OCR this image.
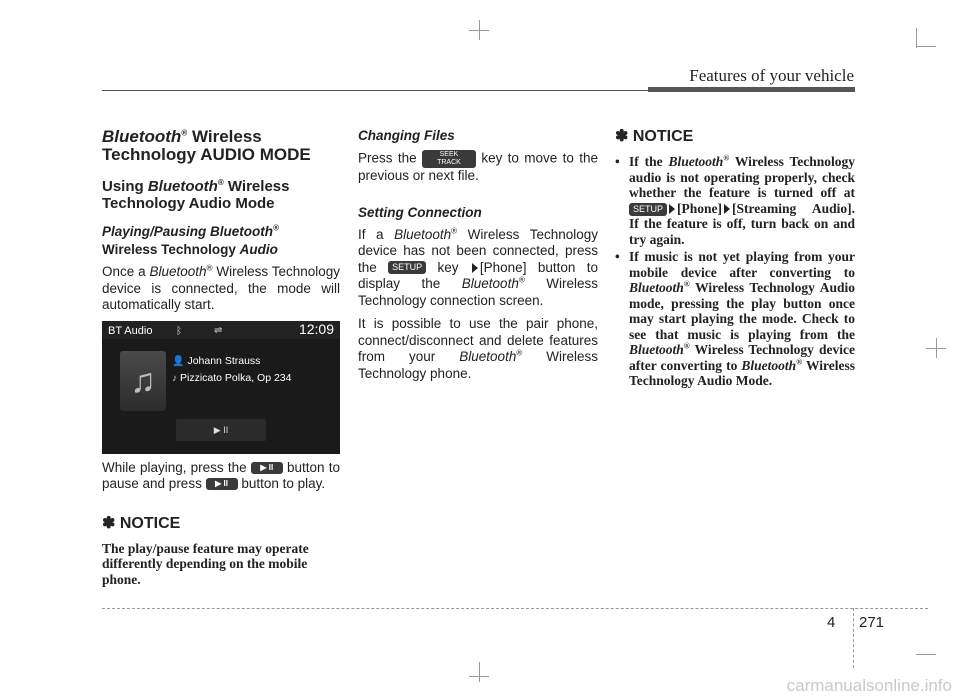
Features of your vehicle
Bluetooth® Wireless Technology AUDIO MODE
Using Bluetooth® Wireless Technology Audio Mode
Playing/Pausing Bluetooth®
Wireless Technology Audio

Once a Bluetooth® Wireless Technology device is connected, the mode will automatically start.

BT Audio ᛒ	⇌	12:09
♫
👤 Johann Strauss
♪ Pizzicato Polka, Op 234
▶ II

While playing, press the ▶ II button to pause and press ▶ II button to play.

✽ NOTICE
The play/pause feature may operate differently depending on the mobile phone.
Changing Files

Press the	SEEK
TRACK key to move to the previous or next file.

Setting Connection

If a Bluetooth® Wireless Technology device has not been connected, press the SETUP key [Phone] button to display the Bluetooth® Wireless Technology connection screen.

It is possible to use the pair phone, connect/disconnect and delete features from your Bluetooth® Wireless Technology phone.

✽ NOTICE
• If the Bluetooth® Wireless Technology audio is not operating properly, check whether the feature is turned off at SETUP [Phone] [Streaming Audio]. If the feature is off, turn back on and try again.
• If music is not yet playing from your mobile device after converting to Bluetooth® Wireless Technology Audio mode, pressing the play button once may start playing the mode. Check to see that music is playing from the Bluetooth® Wireless Technology device after converting to Bluetooth® Wireless Technology Audio Mode.
4 271
carmanualsonline.info
